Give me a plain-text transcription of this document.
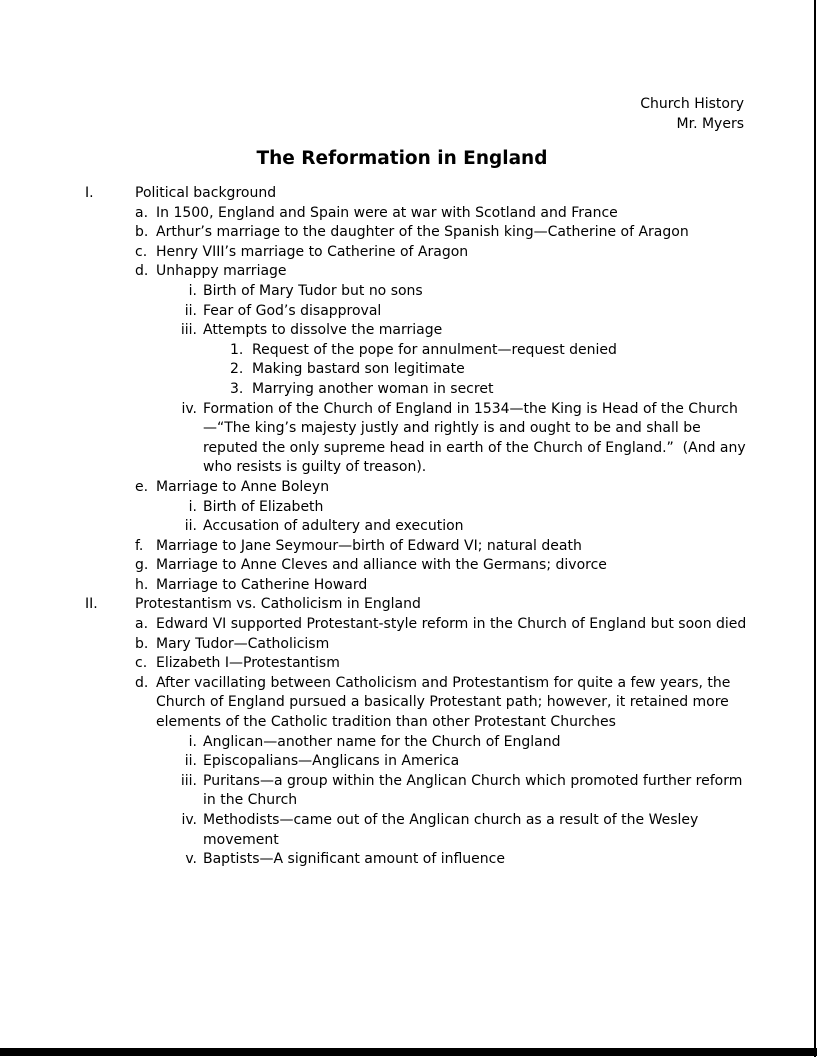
Church History
Mr. Myers
The Reformation in England
I.	Political background
a. In 1500, England and Spain were at war with Scotland and France
b. Arthur’s marriage to the daughter of the Spanish king—Catherine of Aragon
c. Henry VIII’s marriage to Catherine of Aragon
d. Unhappy marriage
i. Birth of Mary Tudor but no sons
ii. Fear of God’s disapproval
iii. Attempts to dissolve the marriage
1. Request of the pope for annulment—request denied
2. Making bastard son legitimate
3. Marrying another woman in secret
iv. Formation of the Church of England in 1534—the King is Head of the Church—“The king’s majesty justly and rightly is and ought to be and shall be reputed the only supreme head in earth of the Church of England.”  (And any who resists is guilty of treason).
e. Marriage to Anne Boleyn
i. Birth of Elizabeth
ii. Accusation of adultery and execution
f. Marriage to Jane Seymour—birth of Edward VI; natural death
g. Marriage to Anne Cleves and alliance with the Germans; divorce
h. Marriage to Catherine Howard
II.	Protestantism vs. Catholicism in England
a. Edward VI supported Protestant-style reform in the Church of England but soon died
b. Mary Tudor—Catholicism
c. Elizabeth I—Protestantism
d. After vacillating between Catholicism and Protestantism for quite a few years, the Church of England pursued a basically Protestant path; however, it retained more elements of the Catholic tradition than other Protestant Churches
i. Anglican—another name for the Church of England
ii. Episcopalians—Anglicans in America
iii. Puritans—a group within the Anglican Church which promoted further reform in the Church
iv. Methodists—came out of the Anglican church as a result of the Wesley movement
v. Baptists—A significant amount of influence
